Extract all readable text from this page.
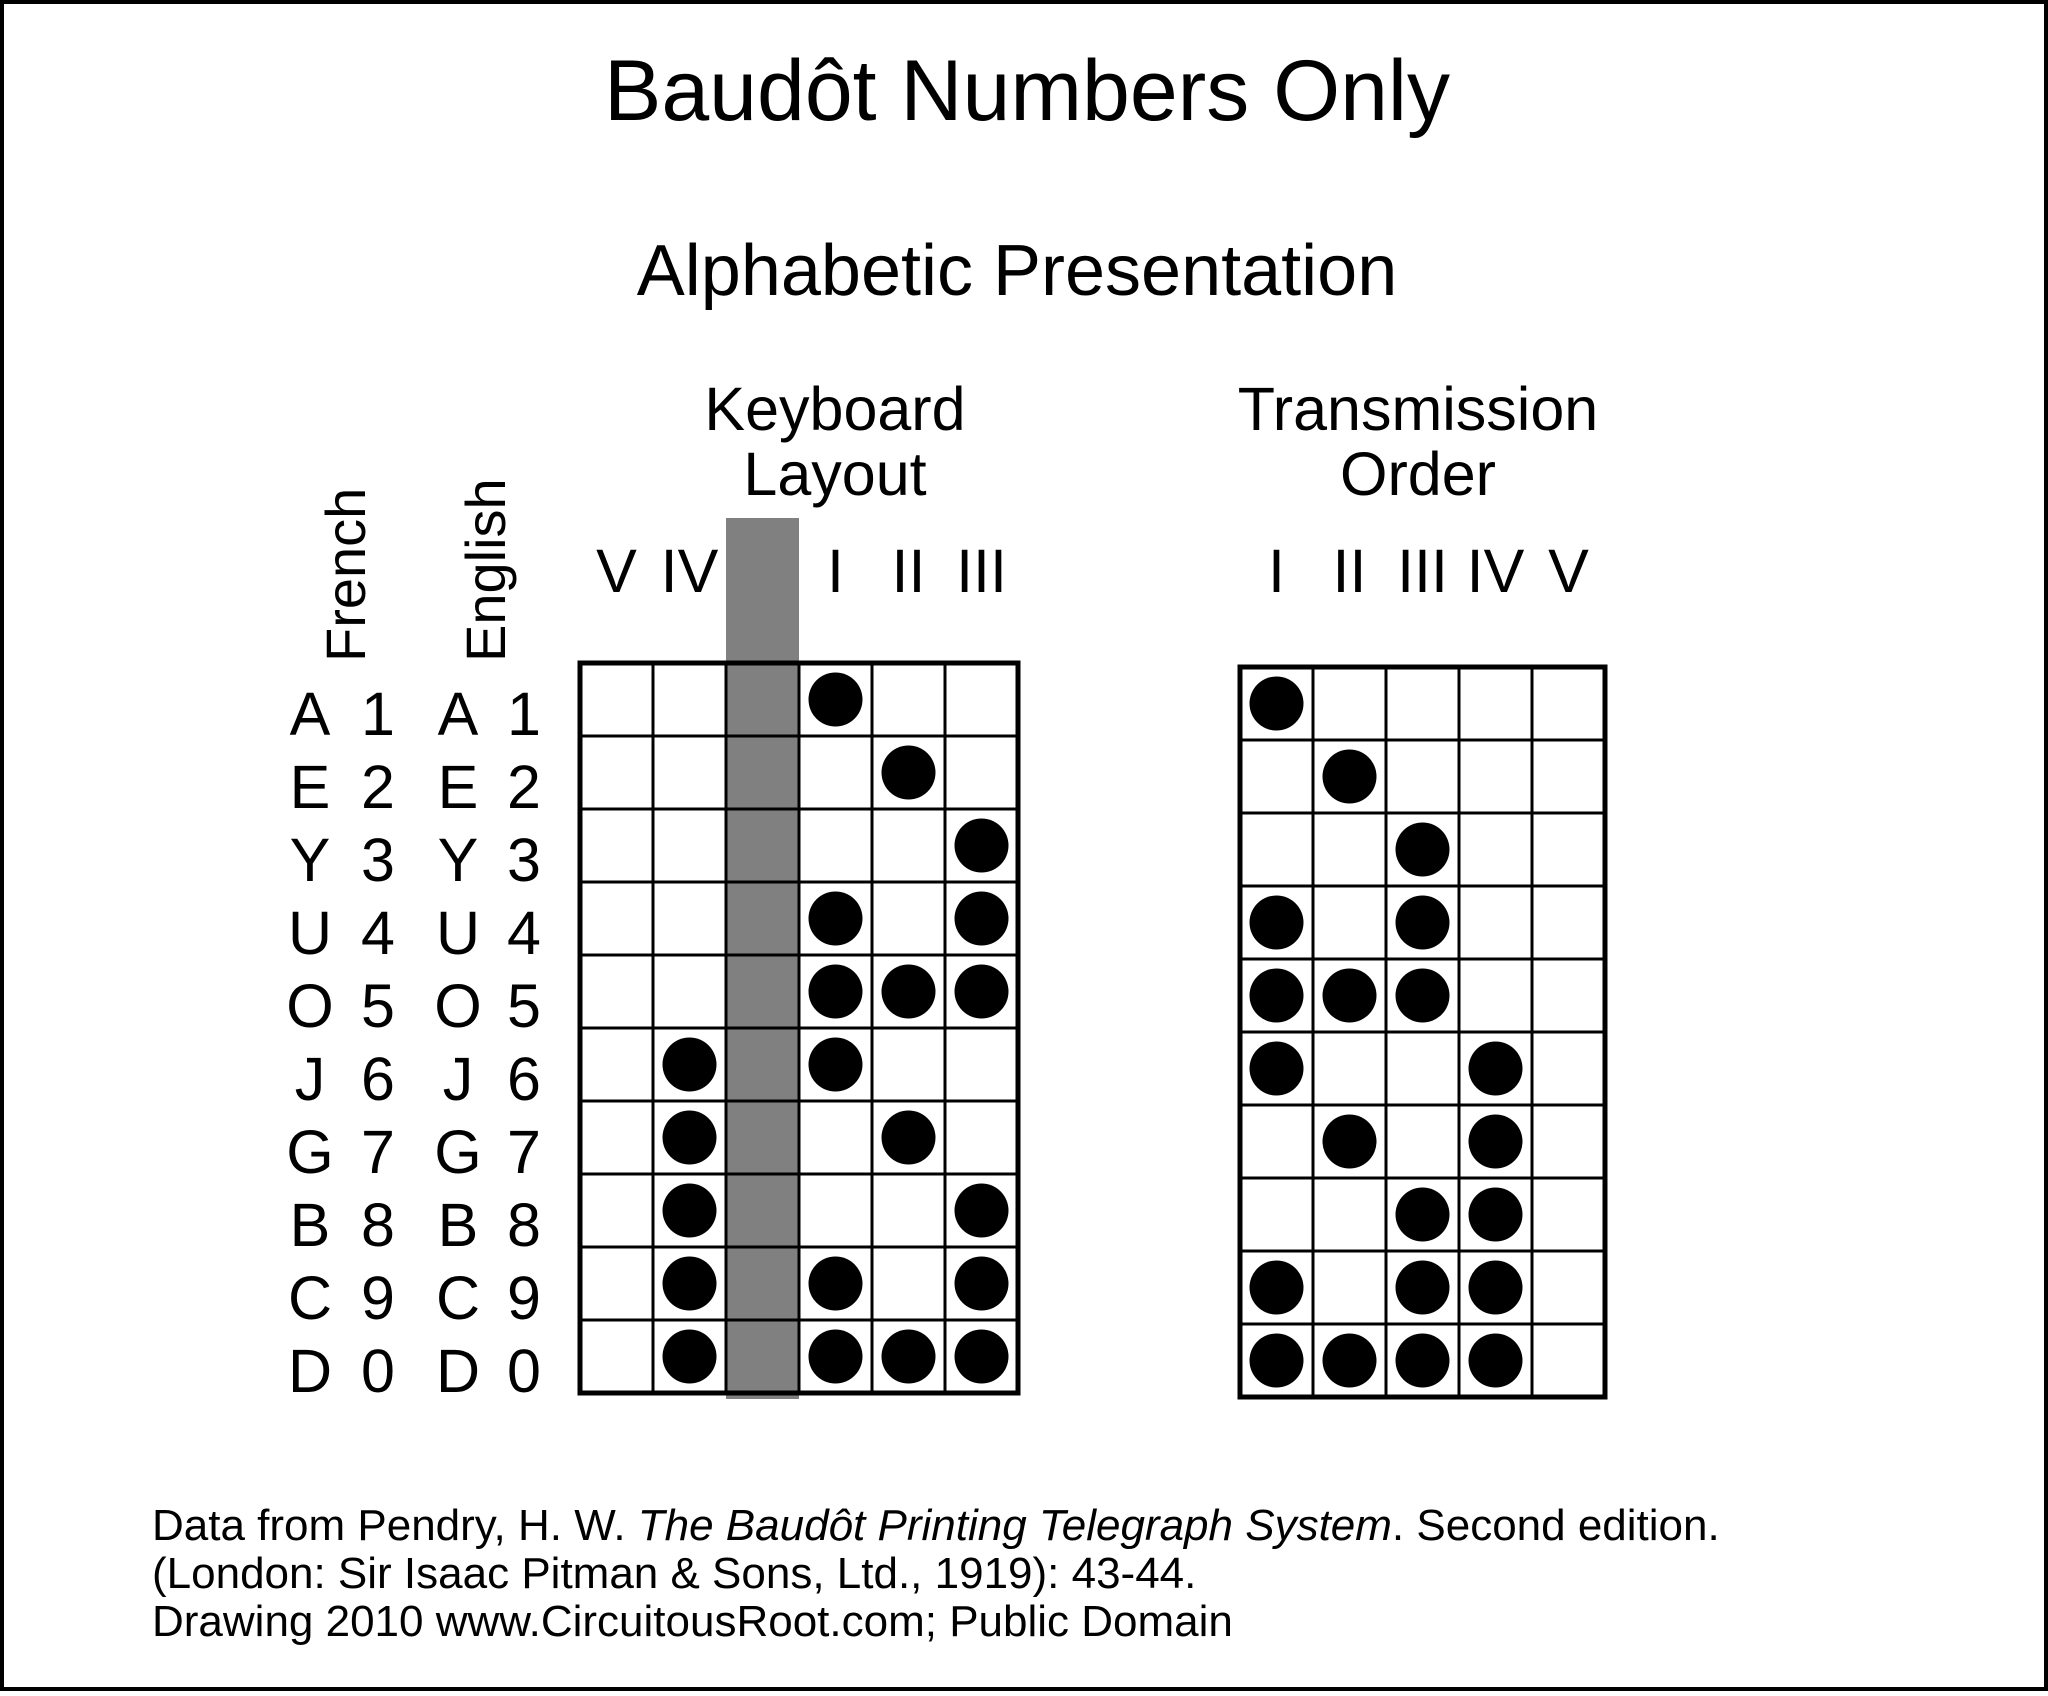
Baudôt Numbers Only
Alphabetic Presentation
Keyboard
Layout
Transmission
Order
French English
A 1 A 1
E 2 E 2
Y 3 Y 3
U 4 U 4
O 5 O 5
J 6 J 6
G 7 G 7
B 8 B 8
C 9 C 9
D 0 D 0
V IV I II III	I II III IV V
Data from Pendry, H. W. The Baudôt Printing Telegraph System. Second edition.
(London: Sir Isaac Pitman & Sons, Ltd., 1919): 43-44.
Drawing 2010 www.CircuitousRoot.com; Public Domain
